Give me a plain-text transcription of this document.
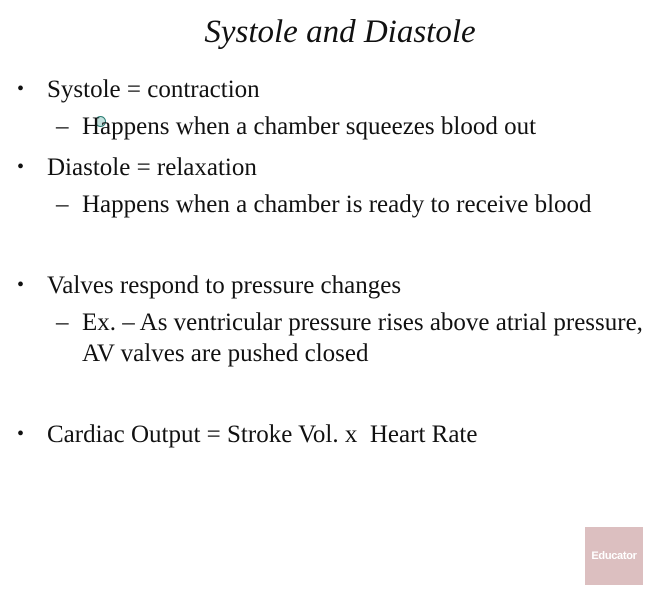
Systole and Diastole
• Systole = contraction
– Happens when a chamber squeezes blood out
• Diastole = relaxation
– Happens when a chamber is ready to receive blood
• Valves respond to pressure changes
– Ex. – As ventricular pressure rises above atrial pressure, AV valves are pushed closed
• Cardiac Output = Stroke Vol. x  Heart Rate
Educator
